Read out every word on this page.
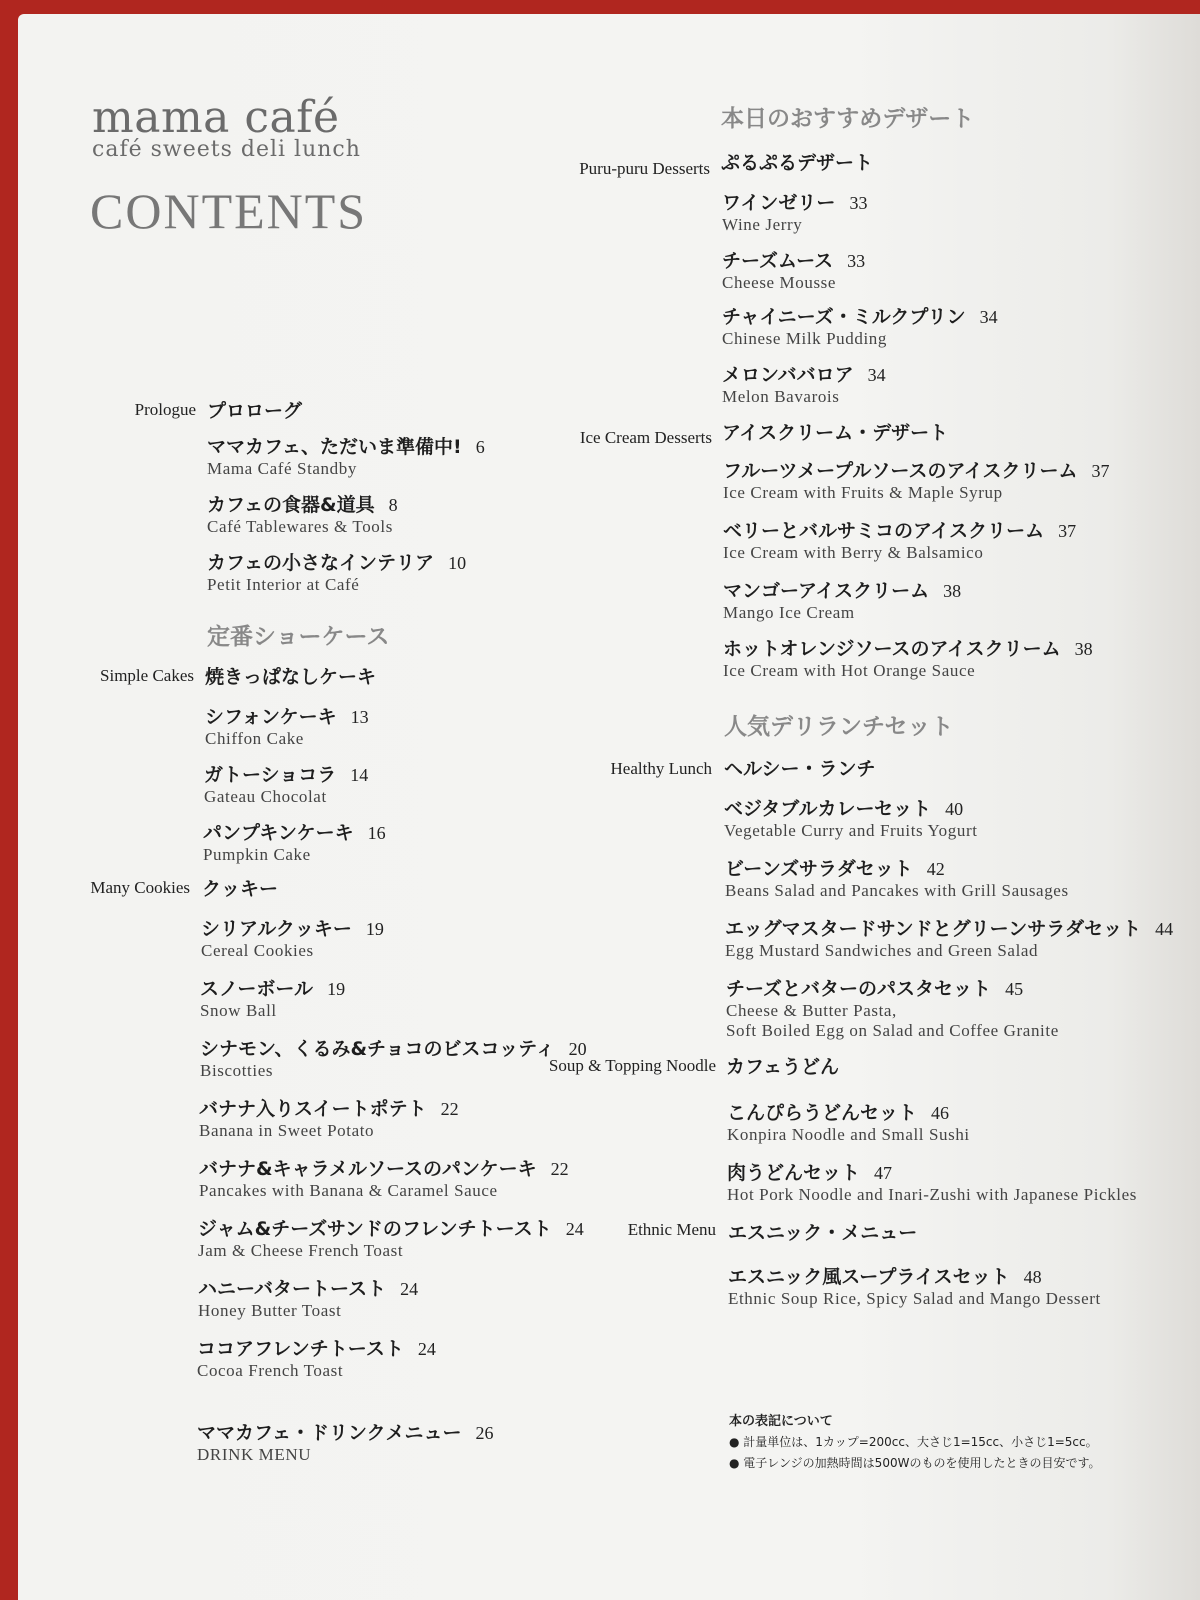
mama café
café sweets deli lunch
CONTENTS
Prologue プロローグ
ママカフェ、ただいま準備中! 6
Mama Café Standby
カフェの食器&道具 8
Café Tablewares & Tools
カフェの小さなインテリア 10
Petit Interior at Café
定番ショーケース
Simple Cakes 焼きっぱなしケーキ
シフォンケーキ 13
Chiffon Cake
ガトーショコラ 14
Gateau Chocolat
パンプキンケーキ 16
Pumpkin Cake
Many Cookies クッキー
シリアルクッキー 19
Cereal Cookies
スノーボール 19
Snow Ball
シナモン、くるみ&チョコのビスコッティ 20
Biscotties
バナナ入りスイートポテト 22
Banana in Sweet Potato
バナナ&キャラメルソースのパンケーキ 22
Pancakes with Banana & Caramel Sauce
ジャム&チーズサンドのフレンチトースト 24
Jam & Cheese French Toast
ハニーバタートースト 24
Honey Butter Toast
ココアフレンチトースト 24
Cocoa French Toast
ママカフェ・ドリンクメニュー 26
DRINK MENU
本日のおすすめデザート
Puru-puru Desserts ぷるぷるデザート
ワインゼリー 33
Wine Jerry
チーズムース 33
Cheese Mousse
チャイニーズ・ミルクプリン 34
Chinese Milk Pudding
メロンババロア 34
Melon Bavarois
Ice Cream Desserts アイスクリーム・デザート
フルーツメープルソースのアイスクリーム 37
Ice Cream with Fruits & Maple Syrup
ベリーとバルサミコのアイスクリーム 37
Ice Cream with Berry & Balsamico
マンゴーアイスクリーム 38
Mango Ice Cream
ホットオレンジソースのアイスクリーム 38
Ice Cream with Hot Orange Sauce
人気デリランチセット
Healthy Lunch ヘルシー・ランチ
ベジタブルカレーセット 40
Vegetable Curry and Fruits Yogurt
ビーンズサラダセット 42
Beans Salad and Pancakes with Grill Sausages
エッグマスタードサンドとグリーンサラダセット 44
Egg Mustard Sandwiches and Green Salad
チーズとバターのパスタセット 45
Cheese & Butter Pasta,
Soft Boiled Egg on Salad and Coffee Granite
Soup & Topping Noodle カフェうどん
こんぴらうどんセット 46
Konpira Noodle and Small Sushi
肉うどんセット 47
Hot Pork Noodle and Inari-Zushi with Japanese Pickles
Ethnic Menu エスニック・メニュー
エスニック風スープライスセット 48
Ethnic Soup Rice, Spicy Salad and Mango Dessert
本の表記について
● 計量単位は、1カップ=200cc、大さじ1=15cc、小さじ1=5cc。
● 電子レンジの加熱時間は500Wのものを使用したときの目安です。
